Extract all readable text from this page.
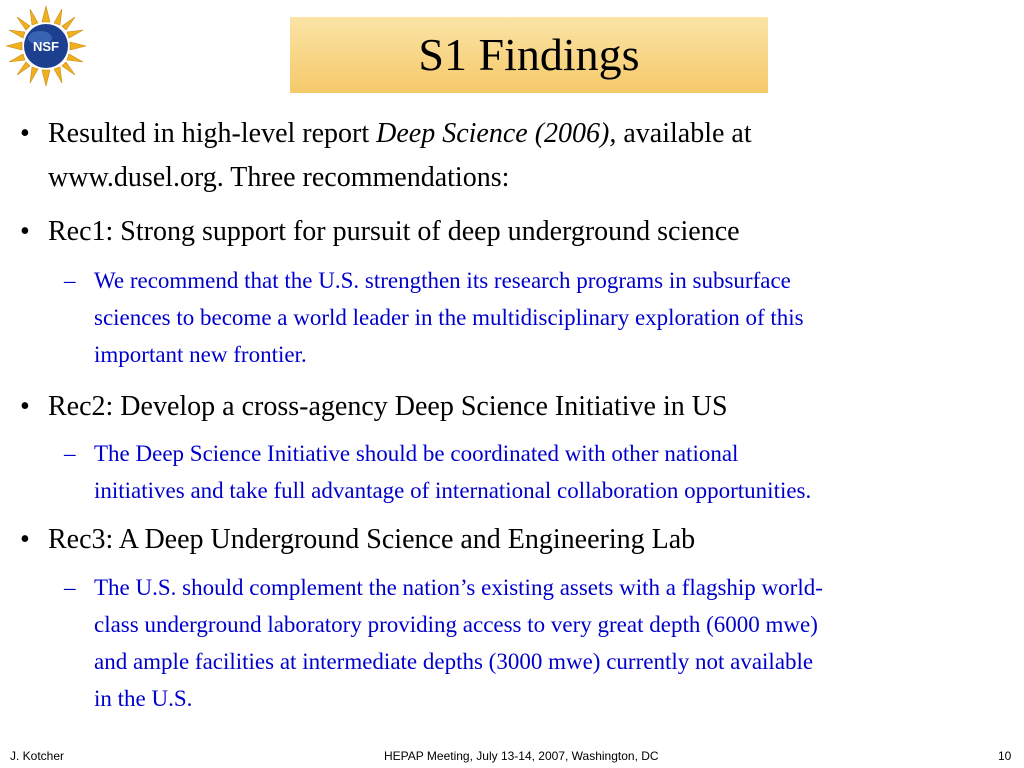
NSF	S1 Findings
• Resulted in high-level report Deep Science (2006), available at
www.dusel.org. Three recommendations:
• Rec1: Strong support for pursuit of deep underground science
– We recommend that the U.S. strengthen its research programs in subsurface
sciences to become a world leader in the multidisciplinary exploration of this
important new frontier.
• Rec2: Develop a cross-agency Deep Science Initiative in US
– The Deep Science Initiative should be coordinated with other national
initiatives and take full advantage of international collaboration opportunities.
• Rec3: A Deep Underground Science and Engineering Lab
– The U.S. should complement the nation’s existing assets with a flagship world-
class underground laboratory providing access to very great depth (6000 mwe)
and ample facilities at intermediate depths (3000 mwe) currently not available
in the U.S.
J. Kotcher	HEPAP Meeting, July 13-14, 2007, Washington, DC	10
